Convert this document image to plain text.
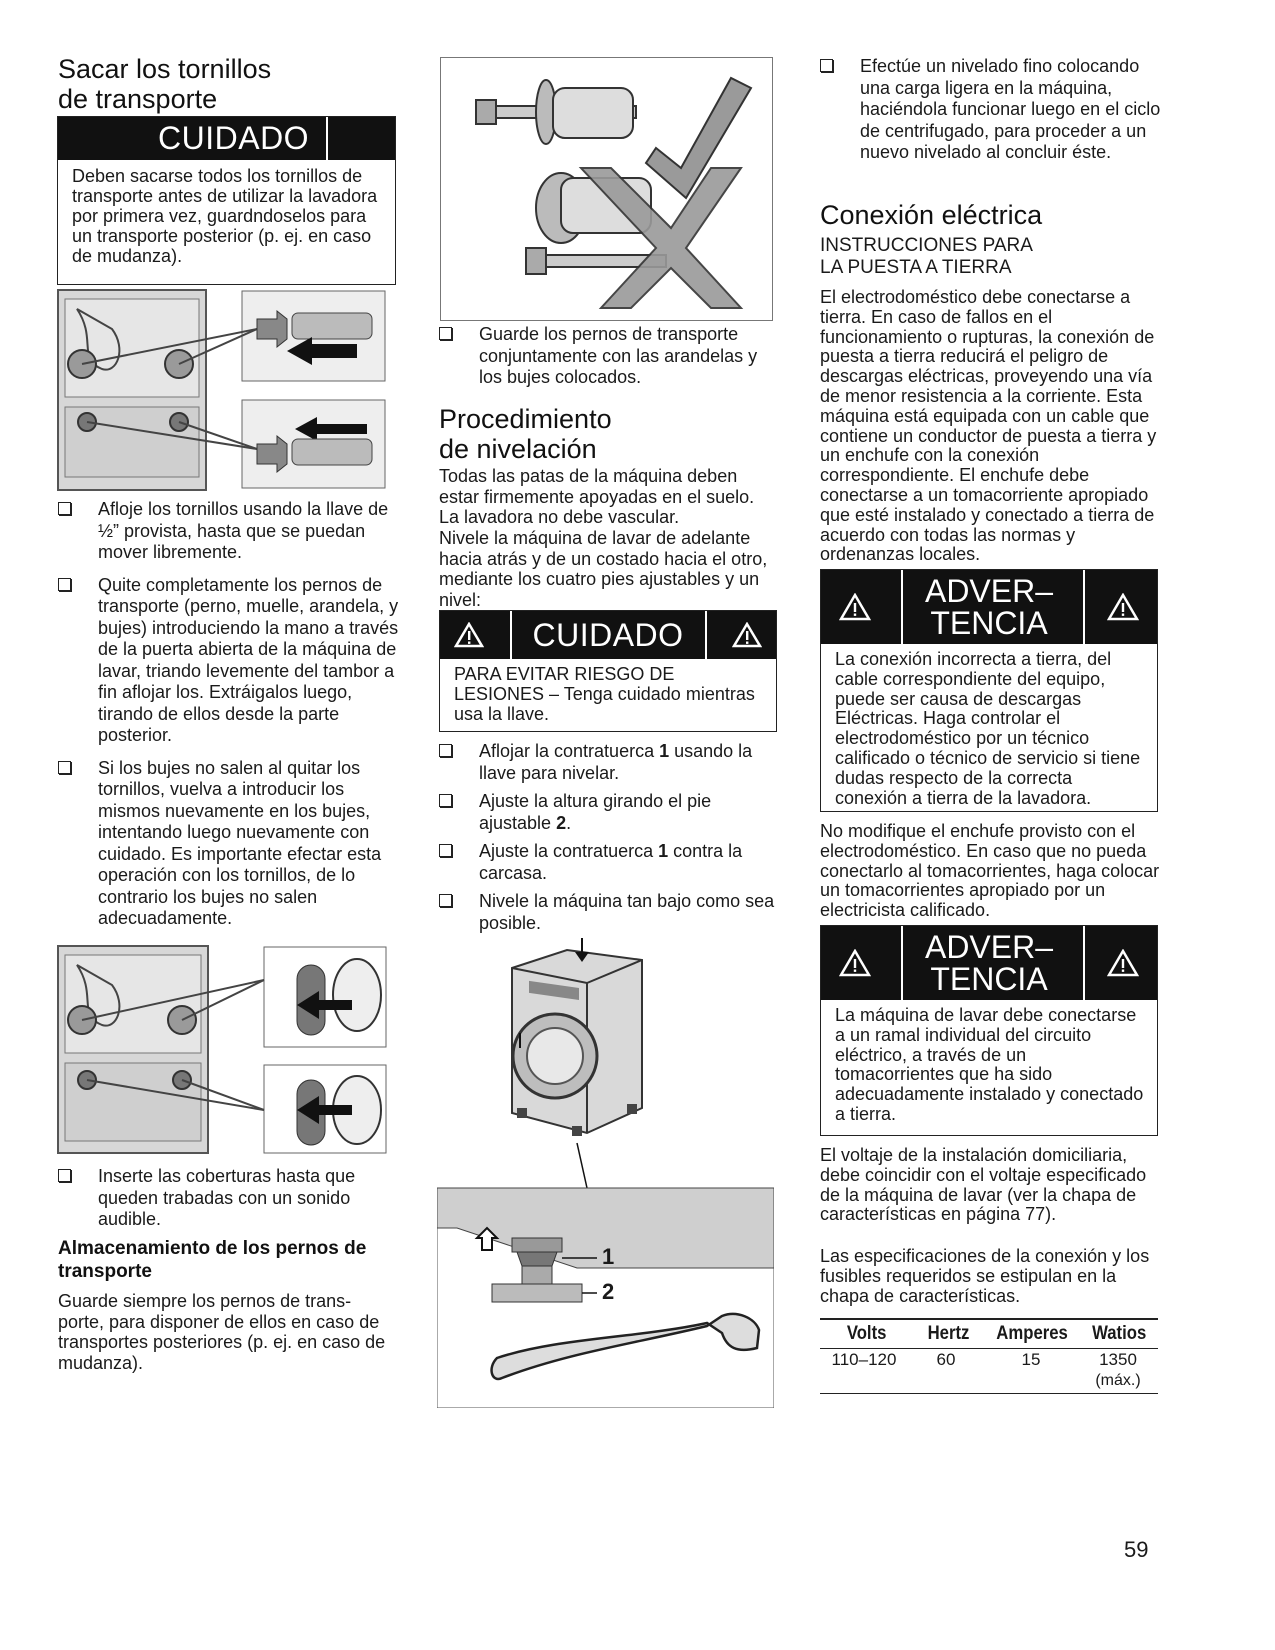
Sacar los tornillos
de transporte
CUIDADO
Deben sacarse todos los tornillos de transporte antes de utilizar la lavadora por primera vez, guardndoselos para un transporte posterior (p. ej. en caso de mudanza).
Afloje los tornillos usando la llave de ½” provista, hasta que se puedan mover libremente.
Quite completamente los pernos de transporte (perno, muelle, arandela, y bujes) introduciendo la mano a través de la puerta abierta de la máquina de lavar, triando levemente del tambor a fin aflojar los. Extráigalos luego, tirando de ellos desde la parte posterior.
Si los bujes no salen al quitar los tornillos, vuelva a introducir los mismos nuevamente en los bujes, intentando luego nuevamente con cuidado. Es importante efectar esta operación con los tornillos, de lo contrario los bujes no salen adecuadamente.
Inserte las coberturas hasta que queden trabadas con un sonido audible.
Almacenamiento de los pernos de transporte
Guarde siempre los pernos de trans- porte, para disponer de ellos en caso de transportes posteriores (p. ej. en caso de mudanza).
Guarde los pernos de transporte conjuntamente con las arandelas y los bujes colocados.
Procedimiento
de nivelación
Todas las patas de la máquina deben estar firmemente apoyadas en el suelo. La lavadora no debe vascular.
Nivele la máquina de lavar de adelante hacia atrás y de un costado hacia el otro, mediante los cuatro pies ajustables y un nivel:
CUIDADO
PARA EVITAR RIESGO DE LESIONES – Tenga cuidado mientras usa la llave.
Aflojar la contratuerca 1 usando la llave para nivelar.
Ajuste la altura girando el pie ajustable 2.
Ajuste la contratuerca 1 contra la carcasa.
Nivele la máquina tan bajo como sea posible.
1
2
Efectúe un nivelado fino colocando una carga ligera en la máquina, haciéndola funcionar luego en el ciclo de centrifugado, para proceder a un nuevo nivelado al concluir éste.
Conexión eléctrica
INSTRUCCIONES PARA
LA PUESTA A TIERRA
El electrodoméstico debe conectarse a tierra. En caso de fallos en el funcionamiento o rupturas, la conexión de puesta a tierra reducirá el peligro de descargas eléctricas, proveyendo una vía de menor resistencia a la corriente. Esta máquina está equipada con un cable que contiene un conductor de puesta a tierra y un enchufe con la conexión correspondiente. El enchufe debe conectarse a un tomacorriente apropiado que esté instalado y conectado a tierra de acuerdo con todas las normas y ordenanzas locales.
ADVER–
TENCIA
La conexión incorrecta a tierra, del cable correspondiente del equipo, puede ser causa de descargas Eléctricas. Haga controlar el electrodoméstico por un técnico calificado o técnico de servicio si tiene dudas respecto de la correcta conexión a tierra de la lavadora.
No modifique el enchufe provisto con el electrodoméstico. En caso que no pueda conectarlo al tomacorrientes, haga colocar un tomacorrientes apropiado por un electricista calificado.
ADVER–
TENCIA
La máquina de lavar debe conectarse a un ramal individual del circuito eléctrico, a través de un tomacorrientes que ha sido adecuadamente instalado y conectado a tierra.
El voltaje de la instalación domiciliaria, debe coincidir con el voltaje especificado de la máquina de lavar (ver la chapa de características en página 77).
Las especificaciones de la conexión y los fusibles requeridos se estipulan en la chapa de características.
Volts	Hertz	Amperes	Watios
110–120	60	15	1350
(máx.)
59
